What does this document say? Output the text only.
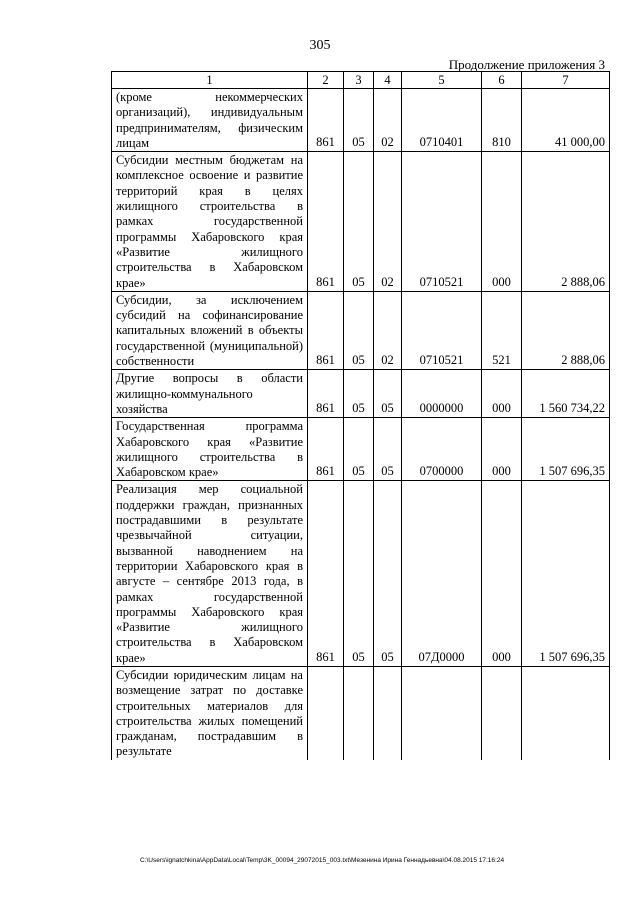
305
Продолжение приложения 3
1	2	3	4	5	6	7
(кроме некоммерческих организаций), индивидуальным предпринимателям, физическим лицам	861	05	02	0710401	810	41 000,00
Субсидии местным бюджетам на комплексное освоение и развитие территорий края в целях жилищного строительства в рамках государственной программы Хабаровского края «Развитие жилищного строительства в Хабаровском крае»	861	05	02	0710521	000	2 888,06
Субсидии, за исключением субсидий на софинансирование капитальных вложений в объекты государственной (муниципальной) собственности	861	05	02	0710521	521	2 888,06
Другие вопросы в области жилищно-коммунального хозяйства	861	05	05	0000000	000	1 560 734,22
Государственная программа Хабаровского края «Развитие жилищного строительства в Хабаровском крае»	861	05	05	0700000	000	1 507 696,35
Реализация мер социальной поддержки граждан, признанных пострадавшими в результате чрезвычайной ситуации, вызванной наводнением на территории Хабаровского края в августе – сентябре 2013 года, в рамках государственной программы Хабаровского края «Развитие жилищного строительства в Хабаровском крае»	861	05	05	07Д0000	000	1 507 696,35
Субсидии юридическим лицам на возмещение затрат по доставке строительных материалов для строительства жилых помещений гражданам, пострадавшим в результате						
C:\Users\ignatchkina\AppData\Local\Temp\3K_00094_29072015_003.txt\Мезенина Ирина Геннадьевна\04.08.2015 17:16:24
